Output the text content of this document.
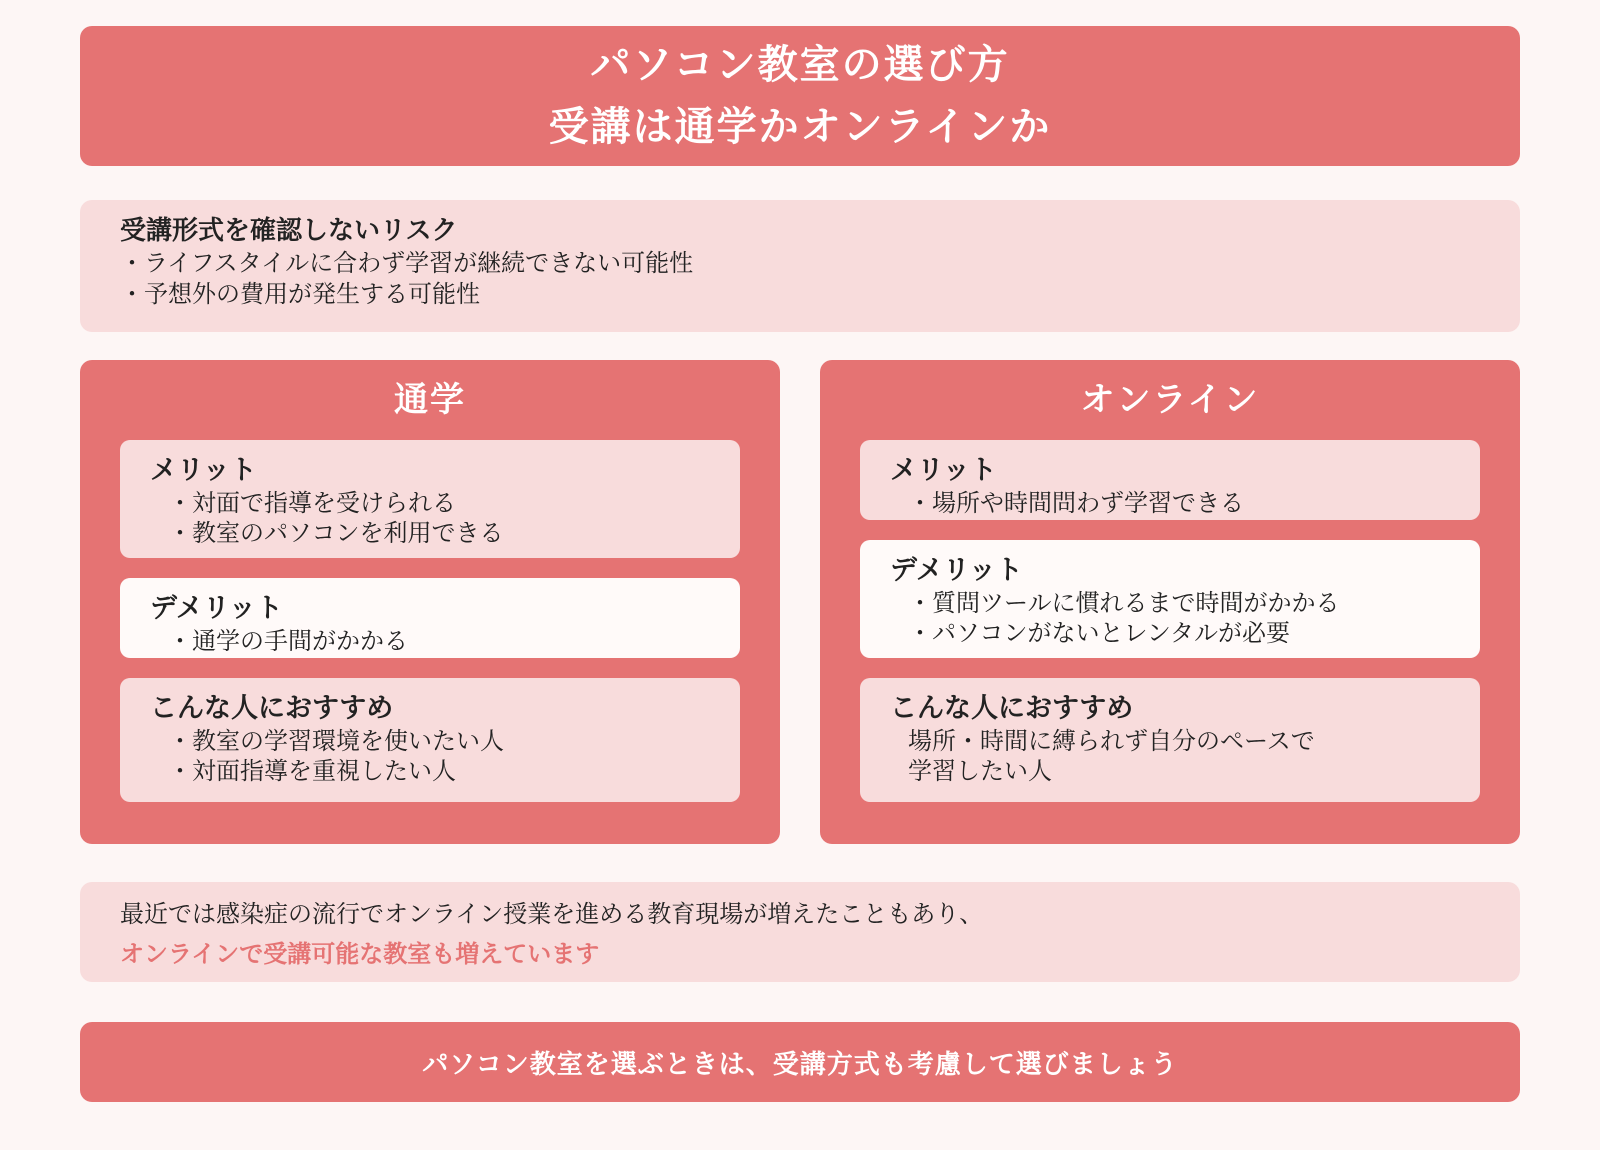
パソコン教室の選び方
受講は通学かオンラインか
受講形式を確認しないリスク
・ライフスタイルに合わず学習が継続できない可能性
・予想外の費用が発生する可能性
通学
メリット
・対面で指導を受けられる
・教室のパソコンを利用できる
デメリット
・通学の手間がかかる
こんな人におすすめ
・教室の学習環境を使いたい人
・対面指導を重視したい人
オンライン
メリット
・場所や時間問わず学習できる
デメリット
・質問ツールに慣れるまで時間がかかる
・パソコンがないとレンタルが必要
こんな人におすすめ
場所・時間に縛られず自分のペースで
学習したい人
最近では感染症の流行でオンライン授業を進める教育現場が増えたこともあり、
オンラインで受講可能な教室も増えています
パソコン教室を選ぶときは、受講方式も考慮して選びましょう
